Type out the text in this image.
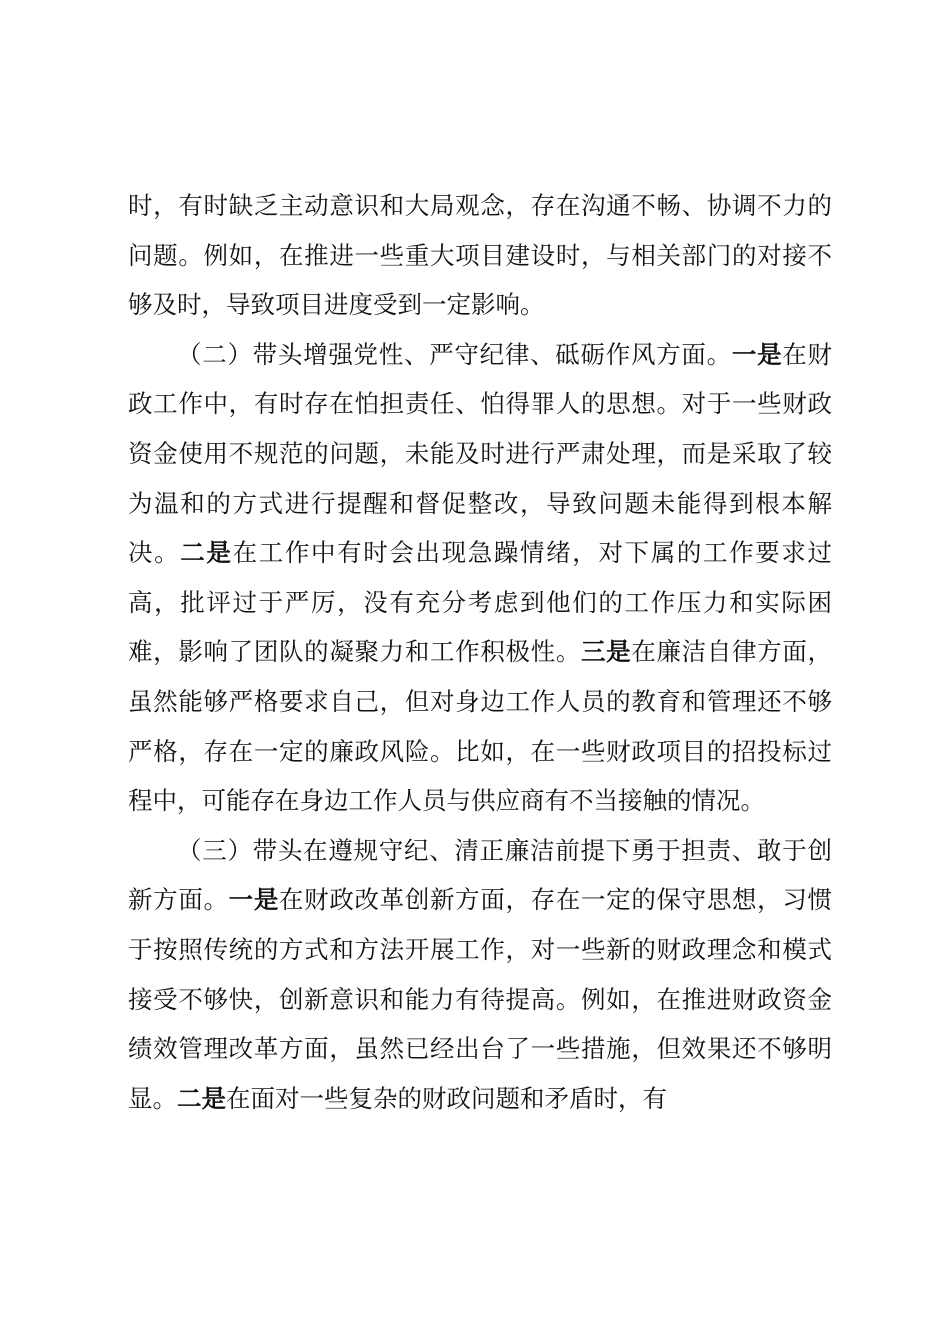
时，有时缺乏主动意识和大局观念，存在沟通不畅、协调不力的问题。例如，在推进一些重大项目建设时，与相关部门的对接不够及时，导致项目进度受到一定影响。

（二）带头增强党性、严守纪律、砥砺作风方面。一是在财政工作中，有时存在怕担责任、怕得罪人的思想。对于一些财政资金使用不规范的问题，未能及时进行严肃处理，而是采取了较为温和的方式进行提醒和督促整改，导致问题未能得到根本解决。二是在工作中有时会出现急躁情绪，对下属的工作要求过高，批评过于严厉，没有充分考虑到他们的工作压力和实际困难，影响了团队的凝聚力和工作积极性。三是在廉洁自律方面，虽然能够严格要求自己，但对身边工作人员的教育和管理还不够严格，存在一定的廉政风险。比如，在一些财政项目的招投标过程中，可能存在身边工作人员与供应商有不当接触的情况。

（三）带头在遵规守纪、清正廉洁前提下勇于担责、敢于创新方面。一是在财政改革创新方面，存在一定的保守思想，习惯于按照传统的方式和方法开展工作，对一些新的财政理念和模式接受不够快，创新意识和能力有待提高。例如，在推进财政资金绩效管理改革方面，虽然已经出台了一些措施，但效果还不够明显。二是在面对一些复杂的财政问题和矛盾时，有
